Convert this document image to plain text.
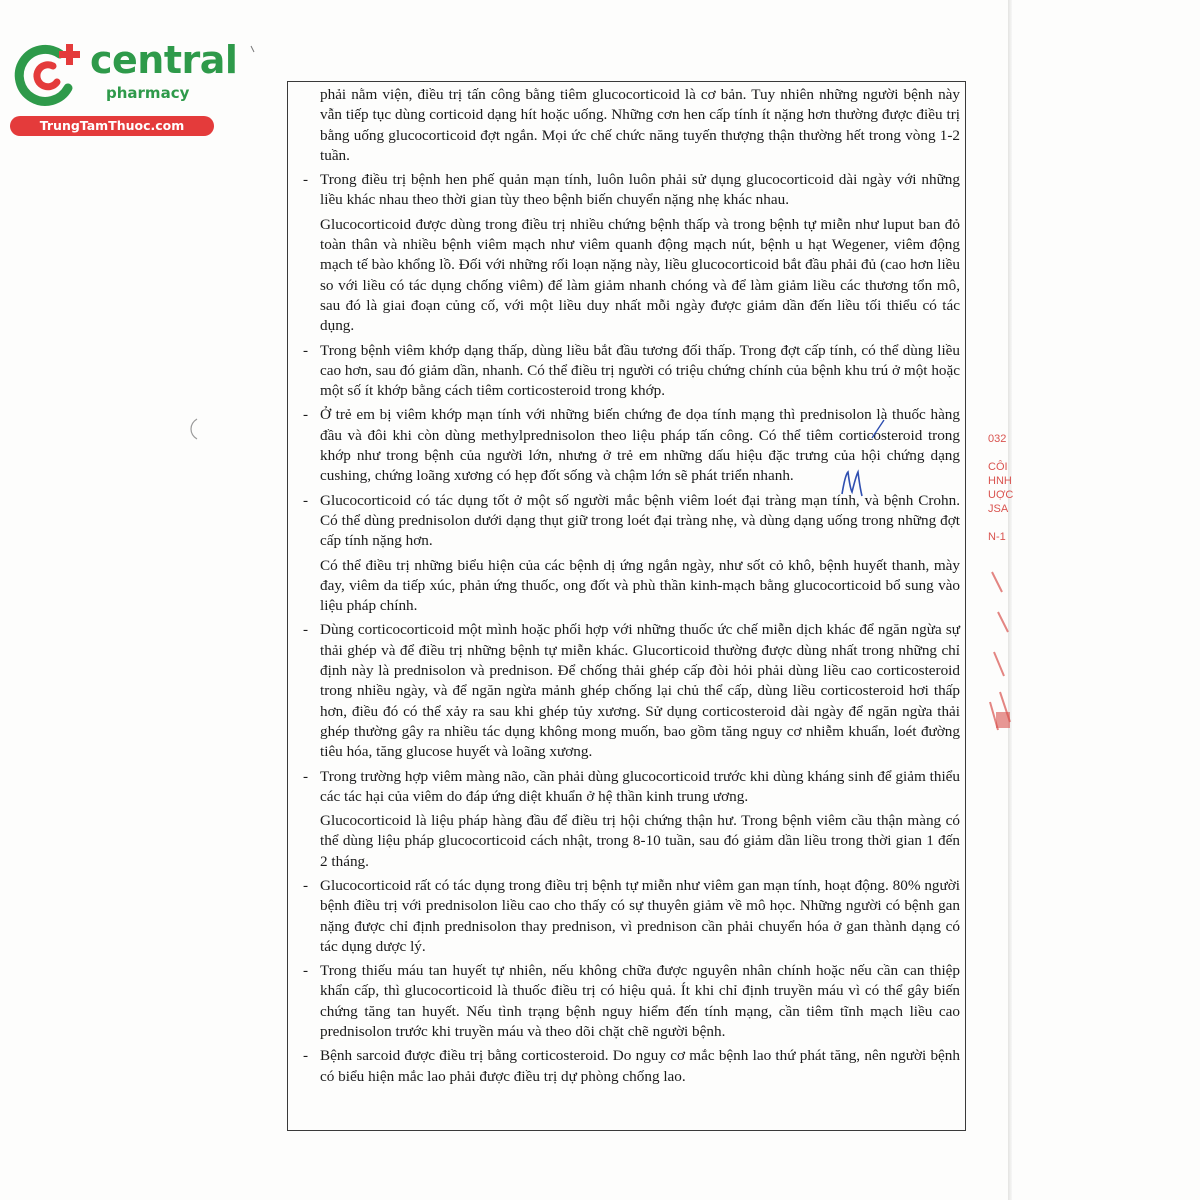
central
pharmacy
TrungTamThuoc.com
phải nằm viện, điều trị tấn công bằng tiêm glucocorticoid là cơ bản. Tuy nhiên những người bệnh này vẫn tiếp tục dùng corticoid dạng hít hoặc uống. Những cơn hen cấp tính ít nặng hơn thường được điều trị bằng uống glucocorticoid đợt ngắn. Mọi ức chế chức năng tuyến thượng thận thường hết trong vòng 1-2 tuần.
- Trong điều trị bệnh hen phế quản mạn tính, luôn luôn phải sử dụng glucocorticoid dài ngày với những liều khác nhau theo thời gian tùy theo bệnh biến chuyển nặng nhẹ khác nhau.
Glucocorticoid được dùng trong điều trị nhiều chứng bệnh thấp và trong bệnh tự miễn như luput ban đỏ toàn thân và nhiều bệnh viêm mạch như viêm quanh động mạch nút, bệnh u hạt Wegener, viêm động mạch tế bào khổng lồ. Đối với những rối loạn nặng này, liều glucocorticoid bắt đầu phải đủ (cao hơn liều so với liều có tác dụng chống viêm) để làm giảm nhanh chóng và để làm giảm liều các thương tổn mô, sau đó là giai đoạn củng cố, với một liều duy nhất mỗi ngày được giảm dần đến liều tối thiểu có tác dụng.
- Trong bệnh viêm khớp dạng thấp, dùng liều bắt đầu tương đối thấp. Trong đợt cấp tính, có thể dùng liều cao hơn, sau đó giảm dần, nhanh. Có thể điều trị người có triệu chứng chính của bệnh khu trú ở một hoặc một số ít khớp bằng cách tiêm corticosteroid trong khớp.
- Ở trẻ em bị viêm khớp mạn tính với những biến chứng đe dọa tính mạng thì prednisolon là thuốc hàng đầu và đôi khi còn dùng methylprednisolon theo liệu pháp tấn công. Có thể tiêm corticosteroid trong khớp như trong bệnh của người lớn, nhưng ở trẻ em những dấu hiệu đặc trưng của hội chứng dạng cushing, chứng loãng xương có hẹp đốt sống và chậm lớn sẽ phát triển nhanh.
- Glucocorticoid có tác dụng tốt ở một số người mắc bệnh viêm loét đại tràng mạn tính, và bệnh Crohn. Có thể dùng prednisolon dưới dạng thụt giữ trong loét đại tràng nhẹ, và dùng dạng uống trong những đợt cấp tính nặng hơn.
Có thể điều trị những biểu hiện của các bệnh dị ứng ngắn ngày, như sốt cỏ khô, bệnh huyết thanh, mày đay, viêm da tiếp xúc, phản ứng thuốc, ong đốt và phù thần kinh-mạch bằng glucocorticoid bổ sung vào liệu pháp chính.
- Dùng corticocorticoid một mình hoặc phối hợp với những thuốc ức chế miễn dịch khác để ngăn ngừa sự thải ghép và để điều trị những bệnh tự miễn khác. Glucorticoid thường được dùng nhất trong những chỉ định này là prednisolon và prednison. Để chống thải ghép cấp đòi hỏi phải dùng liều cao corticosteroid trong nhiều ngày, và để ngăn ngừa mảnh ghép chống lại chủ thể cấp, dùng liều corticosteroid hơi thấp hơn, điều đó có thể xảy ra sau khi ghép tủy xương. Sử dụng corticosteroid dài ngày để ngăn ngừa thải ghép thường gây ra nhiều tác dụng không mong muốn, bao gồm tăng nguy cơ nhiễm khuẩn, loét đường tiêu hóa, tăng glucose huyết và loãng xương.
- Trong trường hợp viêm màng não, cần phải dùng glucocorticoid trước khi dùng kháng sinh để giảm thiểu các tác hại của viêm do đáp ứng diệt khuẩn ở hệ thần kinh trung ương.
Glucocorticoid là liệu pháp hàng đầu để điều trị hội chứng thận hư. Trong bệnh viêm cầu thận màng có thể dùng liệu pháp glucocorticoid cách nhật, trong 8-10 tuần, sau đó giảm dần liều trong thời gian 1 đến 2 tháng.
- Glucocorticoid rất có tác dụng trong điều trị bệnh tự miễn như viêm gan mạn tính, hoạt động. 80% người bệnh điều trị với prednisolon liều cao cho thấy có sự thuyên giảm về mô học. Những người có bệnh gan nặng được chỉ định prednisolon thay prednison, vì prednison cần phải chuyển hóa ở gan thành dạng có tác dụng dược lý.
- Trong thiếu máu tan huyết tự nhiên, nếu không chữa được nguyên nhân chính hoặc nếu cần can thiệp khẩn cấp, thì glucocorticoid là thuốc điều trị có hiệu quả. Ít khi chỉ định truyền máu vì có thể gây biến chứng tăng tan huyết. Nếu tình trạng bệnh nguy hiểm đến tính mạng, cần tiêm tĩnh mạch liều cao prednisolon trước khi truyền máu và theo dõi chặt chẽ người bệnh.
- Bệnh sarcoid được điều trị bằng corticosteroid. Do nguy cơ mắc bệnh lao thứ phát tăng, nên người bệnh có biểu hiện mắc lao phải được điều trị dự phòng chống lao.
032

CÔI
HNH
UỢC
JSA

N-1
